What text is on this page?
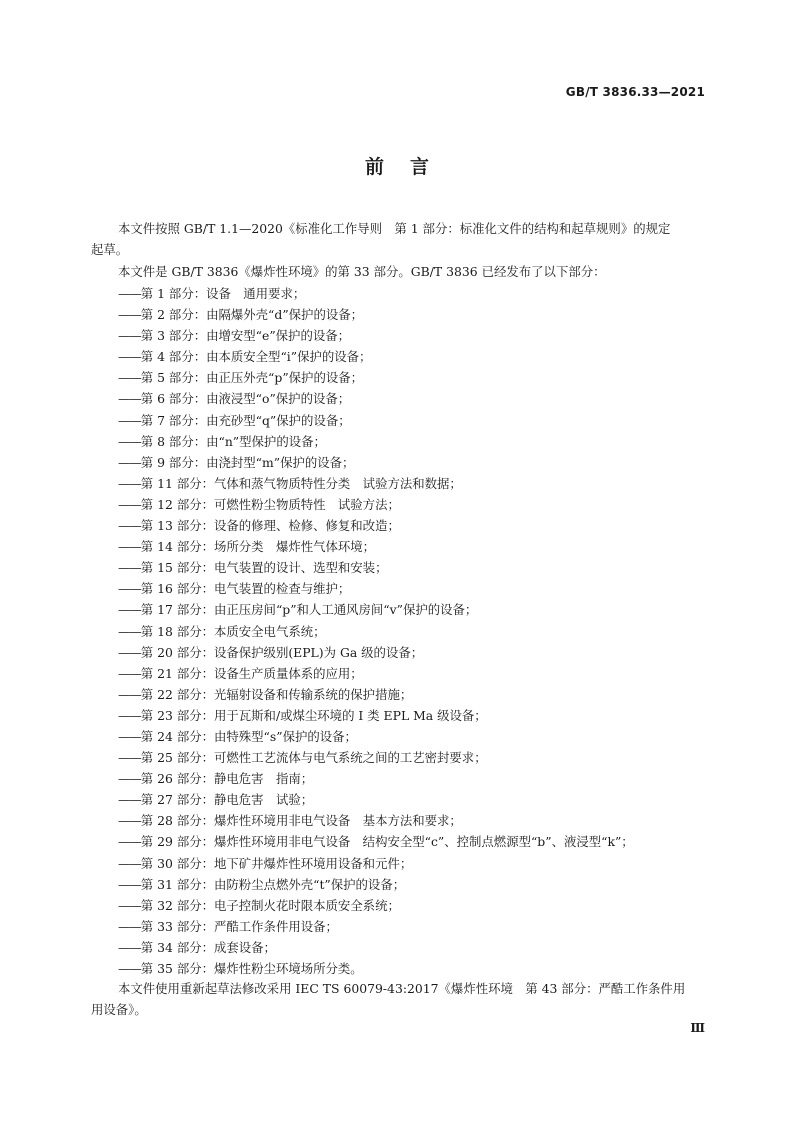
GB/T 3836.33—2021
前言

本文件按照 GB/T 1.1—2020《标准化工作导则　第 1 部分：标准化文件的结构和起草规则》的规定
起草。

本文件是 GB/T 3836《爆炸性环境》的第 33 部分。GB/T 3836 已经发布了以下部分：

——第 1 部分：设备　通用要求；
——第 2 部分：由隔爆外壳“d”保护的设备；
——第 3 部分：由增安型“e”保护的设备；
——第 4 部分：由本质安全型“i”保护的设备；
——第 5 部分：由正压外壳“p”保护的设备；
——第 6 部分：由液浸型“o”保护的设备；
——第 7 部分：由充砂型“q”保护的设备；
——第 8 部分：由“n”型保护的设备；
——第 9 部分：由浇封型“m”保护的设备；
——第 11 部分：气体和蒸气物质特性分类　试验方法和数据；
——第 12 部分：可燃性粉尘物质特性　试验方法；
——第 13 部分：设备的修理、检修、修复和改造；
——第 14 部分：场所分类　爆炸性气体环境；
——第 15 部分：电气装置的设计、选型和安装；
——第 16 部分：电气装置的检查与维护；
——第 17 部分：由正压房间“p”和人工通风房间“v”保护的设备；
——第 18 部分：本质安全电气系统；
——第 20 部分：设备保护级别(EPL)为 Ga 级的设备；
——第 21 部分：设备生产质量体系的应用；
——第 22 部分：光辐射设备和传输系统的保护措施；
——第 23 部分：用于瓦斯和/或煤尘环境的 Ⅰ 类 EPL Ma 级设备；
——第 24 部分：由特殊型“s”保护的设备；
——第 25 部分：可燃性工艺流体与电气系统之间的工艺密封要求；
——第 26 部分：静电危害　指南；
——第 27 部分：静电危害　试验；
——第 28 部分：爆炸性环境用非电气设备　基本方法和要求；
——第 29 部分：爆炸性环境用非电气设备　结构安全型“c”、控制点燃源型“b”、液浸型“k”；
——第 30 部分：地下矿井爆炸性环境用设备和元件；
——第 31 部分：由防粉尘点燃外壳“t”保护的设备；
——第 32 部分：电子控制火花时限本质安全系统；
——第 33 部分：严酷工作条件用设备；
——第 34 部分：成套设备；
——第 35 部分：爆炸性粉尘环境场所分类。

本文件使用重新起草法修改采用 IEC TS 60079-43:2017《爆炸性环境　第 43 部分：严酷工作条件用
用设备》。

Ⅲ
